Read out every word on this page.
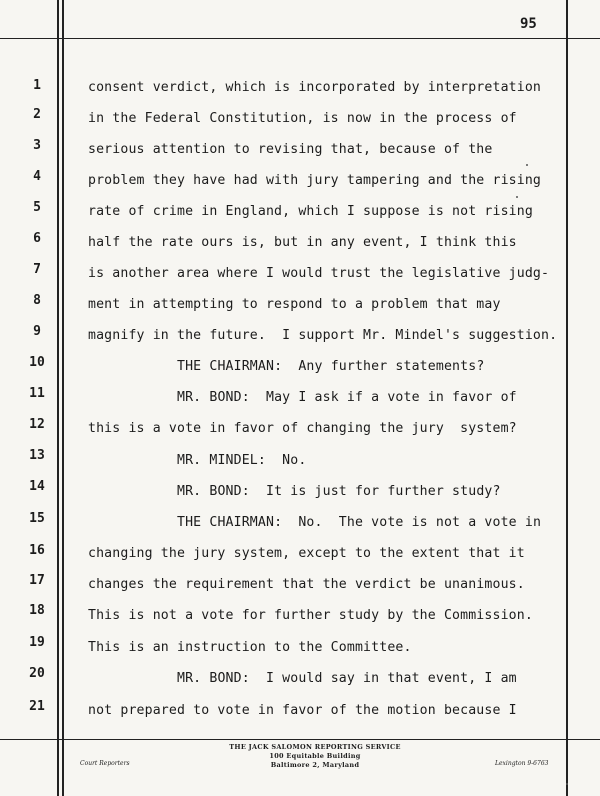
95
1	consent verdict, which is incorporated by interpretation
2	in the Federal Constitution, is now in the process of
3	serious attention to revising that, because of the
4	problem they have had with jury tampering and the rising
5	rate of crime in England, which I suppose is not rising
6	half the rate ours is, but in any event, I think this
7	is another area where I would trust the legislative judg-
8	ment in attempting to respond to a problem that may
9	magnify in the future.  I support Mr. Mindel's suggestion.
10	THE CHAIRMAN:  Any further statements?
11	MR. BOND:  May I ask if a vote in favor of
12	this is a vote in favor of changing the jury  system?
13	MR. MINDEL:  No.
14	MR. BOND:  It is just for further study?
15	THE CHAIRMAN:  No.  The vote is not a vote in
16	changing the jury system, except to the extent that it
17	changes the requirement that the verdict be unanimous.
18	This is not a vote for further study by the Commission.
19	This is an instruction to the Committee.
20	MR. BOND:  I would say in that event, I am
21	not prepared to vote in favor of the motion because I
THE JACK SALOMON REPORTING SERVICE
100 Equitable Building
Baltimore 2, Maryland
Court Reporters	Lexington 9-6763
